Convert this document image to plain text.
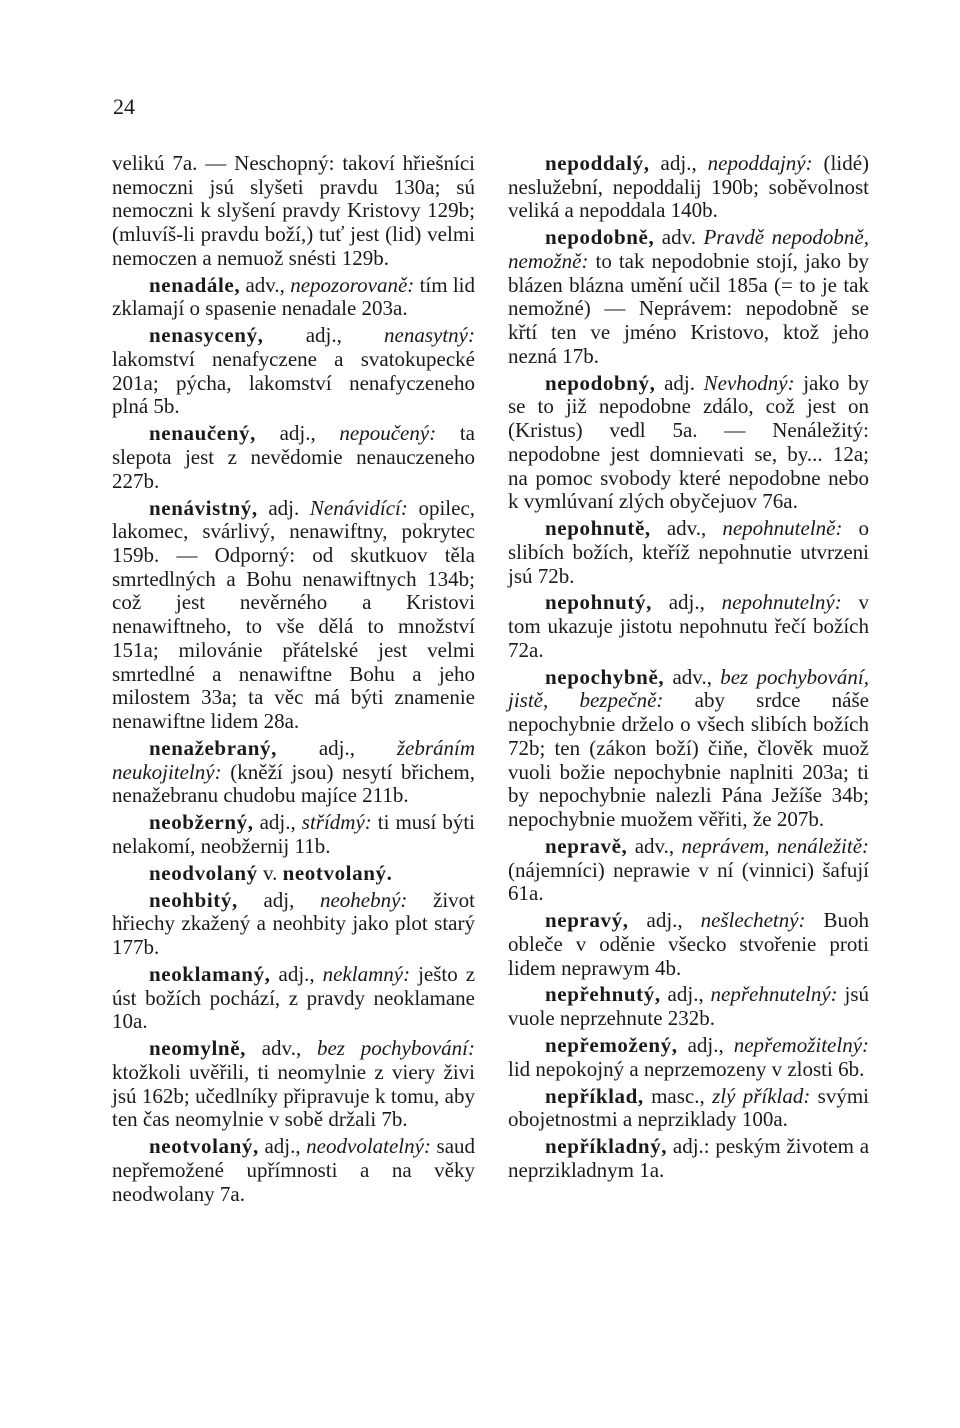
24

velikú 7a. — Neschopný: takoví hřiešníci nemoczni jsú slyšeti pravdu 130a; sú nemoczni k slyšení pravdy Kristovy 129b; (mluvíš-li pravdu boží,) tuť jest (lid) velmi nemoczen a nemuož snésti 129b.

nenadále, adv., nepozorovaně: tím lid zklamají o spasenie nenadale 203a.

nenasycený, adj., nenasytný: lakomství nenafyczene a svatokupecké 201a; pýcha, lakomství nenafyczeneho plná 5b.

nenaučený, adj., nepoučený: ta slepota jest z nevědomie nenauczeneho 227b.

nenávistný, adj. Nenávidící: opilec, lakomec, svárlivý, nenawiftny, pokrytec 159b. — Odporný: od skutkuov těla smrtedlných a Bohu nenawiftnych 134b; což jest nevěrného a Kristovi nenawiftneho, to vše dělá to množství 151a; milovánie přátelské jest velmi smrtedlné a nenawiftne Bohu a jeho milostem 33a; ta věc má býti znamenie nenawiftne lidem 28a.

nenažebraný, adj., žebráním neukojitelný: (kněží jsou) nesytí břichem, nenažebranu chudobu majíce 211b.

neobžerný, adj., střídmý: ti musí býti nelakomí, neobžernij 11b.

neodvolaný v. neotvolaný.

neohbitý, adj, neohebný: život hřiechy zkažený a neohbity jako plot starý 177b.

neoklamaný, adj., neklamný: ješto z úst božích pochází, z pravdy neoklamane 10a.

neomylně, adv., bez pochybování: ktožkoli uvěřili, ti neomylnie z viery živi jsú 162b; učedlníky připravuje k tomu, aby ten čas neomylnie v sobě držali 7b.

neotvolaný, adj., neodvolatelný: saud nepřemožené upřímnosti a na věky neodwolany 7a.

nepoddalý, adj., nepoddajný: (lidé) neslužební, nepoddalij 190b; soběvolnost veliká a nepoddala 140b.

nepodobně, adv. Pravdě nepodobně, nemožně: to tak nepodobnie stojí, jako by blázen blázna umění učil 185a (= to je tak nemožné) — Neprávem: nepodobně se křtí ten ve jméno Kristovo, ktož jeho nezná 17b.

nepodobný, adj. Nevhodný: jako by se to již nepodobne zdálo, což jest on (Kristus) vedl 5a. — Nenáležitý: nepodobne jest domnievati se, by... 12a; na pomoc svobody které nepodobne nebo k vymlúvaní zlých obyčejuov 76a.

nepohnutě, adv., nepohnutelně: o slibích božích, kteříž nepohnutie utvrzeni jsú 72b.

nepohnutý, adj., nepohnutelný: v tom ukazuje jistotu nepohnutu řečí božích 72a.

nepochybně, adv., bez pochybování, jistě, bezpečně: aby srdce náše nepochybnie drželo o všech slibích božích 72b; ten (zákon boží) čiňe, člověk muož vuoli božie nepochybnie naplniti 203a; ti by nepochybnie nalezli Pána Ježíše 34b; nepochybnie muožem věřiti, že 207b.

nepravě, adv., neprávem, nenáležitě: (nájemníci) neprawie v ní (vinnici) šafují 61a.

nepravý, adj., nešlechetný: Buoh obleče v oděnie všecko stvořenie proti lidem neprawym 4b.

nepřehnutý, adj., nepřehnutelný: jsú vuole neprzehnute 232b.

nepřemožený, adj., nepřemožitelný: lid nepokojný a neprzemozeny v zlosti 6b.

nepříklad, masc., zlý příklad: svými obojetnostmi a neprziklady 100a.

nepříkladný, adj.: peským životem a neprzikladnym 1a.
